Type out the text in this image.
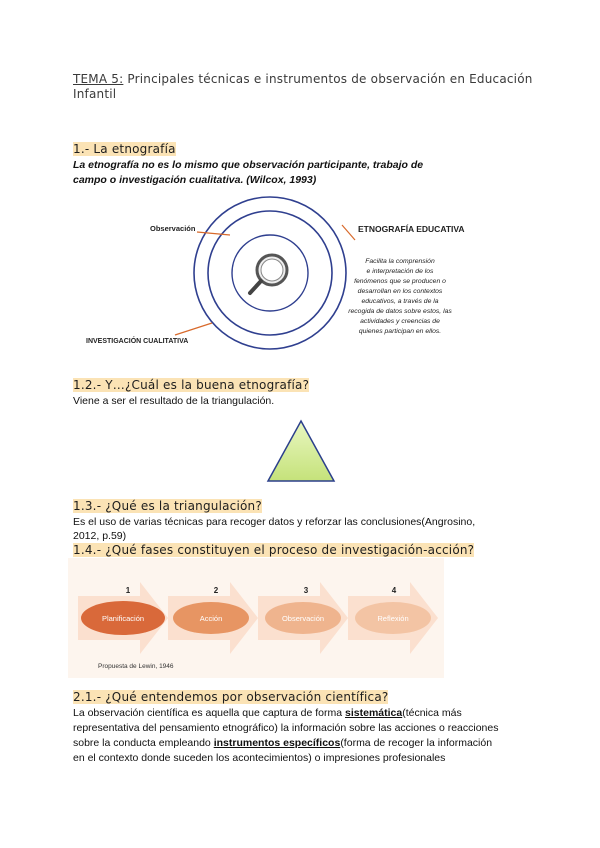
TEMA 5: Principales técnicas e instrumentos de observación en Educación Infantil
1.- La etnografía
La etnografía no es lo mismo que observación participante, trabajo de
campo o investigación cualitativa. (Wilcox, 1993)
Observación	ETNOGRAFÍA EDUCATIVA
INVESTIGACIÓN CUALITATIVA
Facilita la comprensión
e interpretación de los
fenómenos que se producen o
desarrollan en los contextos
educativos, a través de la
recogida de datos sobre estos, las
actividades y creencias de
quienes participan en ellos.
1.2.- Y…¿Cuál es la buena etnografía?
Viene a ser el resultado de la triangulación.
1.3.- ¿Qué es la triangulación?
Es el uso de varias técnicas para recoger datos y reforzar las conclusiones(Angrosino,
2012, p.59)
1.4.- ¿Qué fases constituyen el proceso de investigación-acción?
1	2	3	4
Planificación	Acción	Observación	Reflexión
Propuesta de Lewin, 1946
2.1.- ¿Qué entendemos por observación científica?
La observación científica es aquella que captura de forma sistemática(técnica más
representativa del pensamiento etnográfico) la información sobre las acciones o reacciones
sobre la conducta empleando instrumentos específicos(forma de recoger la información
en el contexto donde suceden los acontecimientos) o impresiones profesionales
